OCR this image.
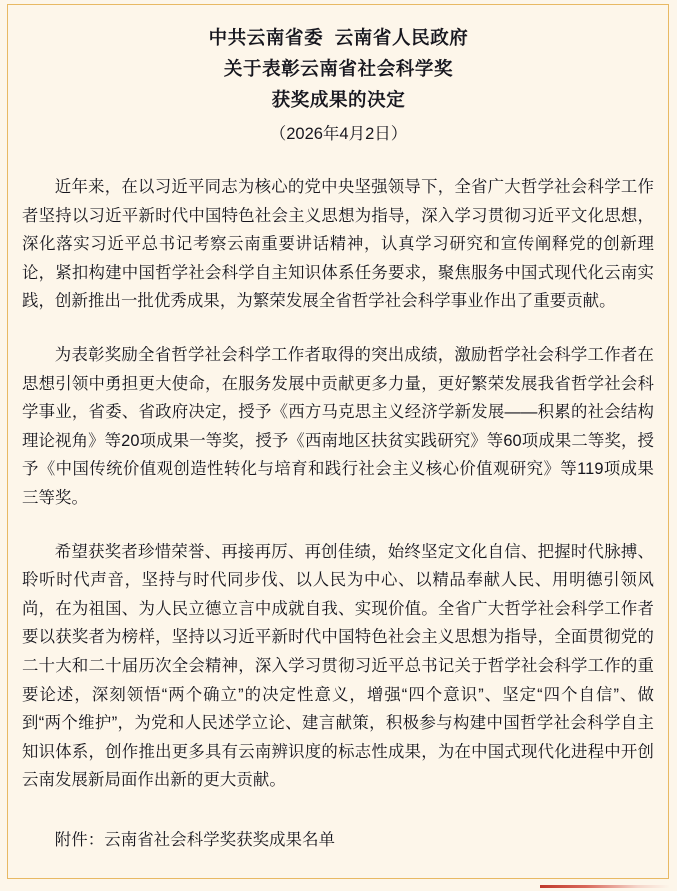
中共云南省委  云南省人民政府
关于表彰云南省社会科学奖
获奖成果的决定
（2026年4月2日）

近年来，在以习近平同志为核心的党中央坚强领导下，全省广大哲学社会科学工作者坚持以习近平新时代中国特色社会主义思想为指导，深入学习贯彻习近平文化思想，深化落实习近平总书记考察云南重要讲话精神，认真学习研究和宣传阐释党的创新理论，紧扣构建中国哲学社会科学自主知识体系任务要求，聚焦服务中国式现代化云南实践，创新推出一批优秀成果，为繁荣发展全省哲学社会科学事业作出了重要贡献。

为表彰奖励全省哲学社会科学工作者取得的突出成绩，激励哲学社会科学工作者在思想引领中勇担更大使命，在服务发展中贡献更多力量，更好繁荣发展我省哲学社会科学事业，省委、省政府决定，授予《西方马克思主义经济学新发展——积累的社会结构理论视角》等20项成果一等奖，授予《西南地区扶贫实践研究》等60项成果二等奖，授予《中国传统价值观创造性转化与培育和践行社会主义核心价值观研究》等119项成果三等奖。

希望获奖者珍惜荣誉、再接再厉、再创佳绩，始终坚定文化自信、把握时代脉搏、聆听时代声音，坚持与时代同步伐、以人民为中心、以精品奉献人民、用明德引领风尚，在为祖国、为人民立德立言中成就自我、实现价值。全省广大哲学社会科学工作者要以获奖者为榜样，坚持以习近平新时代中国特色社会主义思想为指导，全面贯彻党的二十大和二十届历次全会精神，深入学习贯彻习近平总书记关于哲学社会科学工作的重要论述，深刻领悟“两个确立”的决定性意义，增强“四个意识”、坚定“四个自信”、做到“两个维护”，为党和人民述学立论、建言献策，积极参与构建中国哲学社会科学自主知识体系，创作推出更多具有云南辨识度的标志性成果，为在中国式现代化进程中开创云南发展新局面作出新的更大贡献。

附件：云南省社会科学奖获奖成果名单
